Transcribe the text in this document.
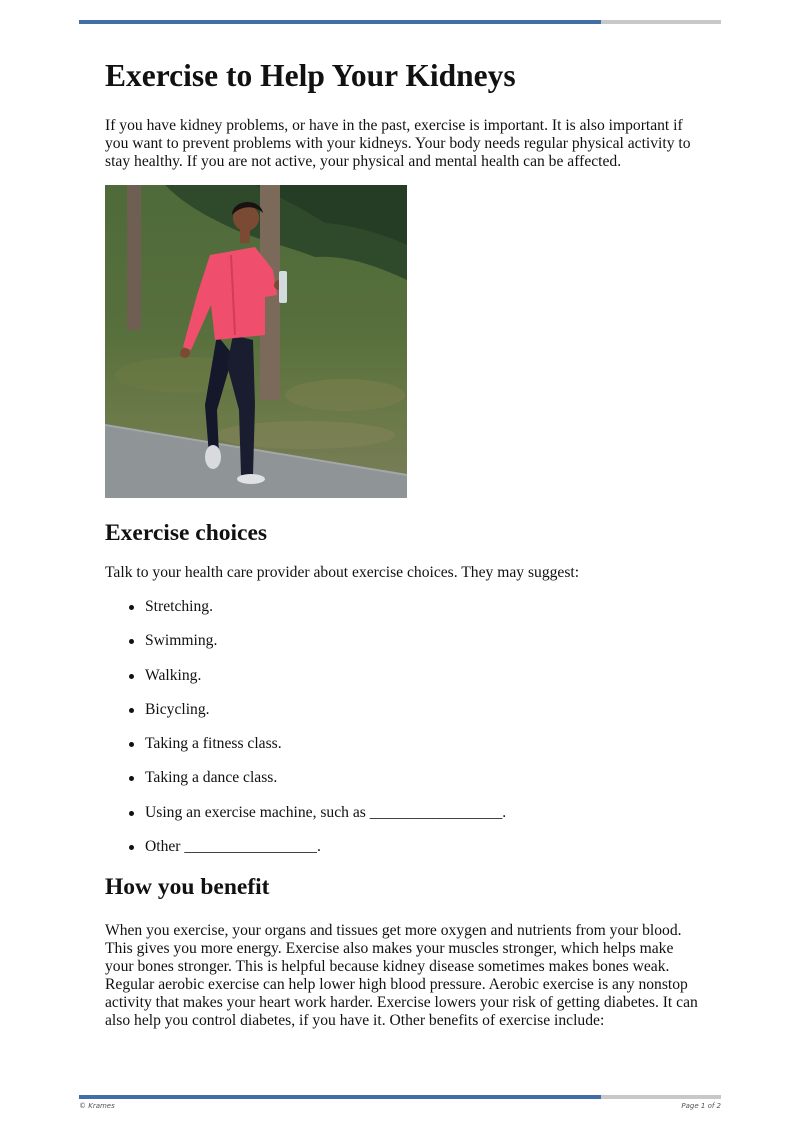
Exercise to Help Your Kidneys

If you have kidney problems, or have in the past, exercise is important. It is also important if you want to prevent problems with your kidneys. Your body needs regular physical activity to stay healthy. If you are not active, your physical and mental health can be affected.

Exercise choices

Talk to your health care provider about exercise choices. They may suggest:

Stretching.
Swimming.
Walking.
Bicycling.
Taking a fitness class.
Taking a dance class.
Using an exercise machine, such as _________________.
Other _________________.
How you benefit

When you exercise, your organs and tissues get more oxygen and nutrients from your blood. This gives you more energy. Exercise also makes your muscles stronger, which helps make your bones stronger. This is helpful because kidney disease sometimes makes bones weak. Regular aerobic exercise can help lower high blood pressure. Aerobic exercise is any nonstop activity that makes your heart work harder. Exercise lowers your risk of getting diabetes. It can also help you control diabetes, if you have it. Other benefits of exercise include:

© Krames	Page 1 of 2
